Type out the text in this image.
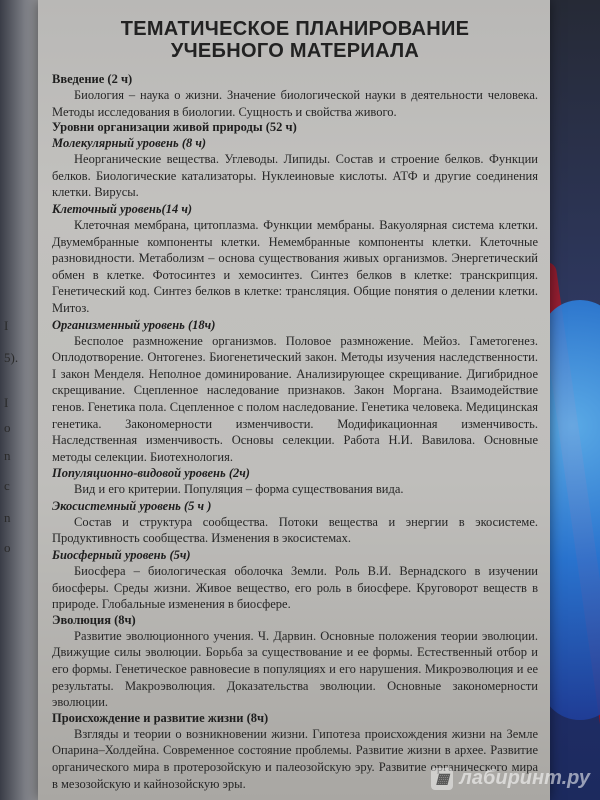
I
5).
I
o
n
c
n
o
ТЕМАТИЧЕСКОЕ ПЛАНИРОВАНИЕ
УЧЕБНОГО МАТЕРИАЛА

Введение (2 ч)

Биология – наука о жизни. Значение биологической науки в деятельности человека. Методы исследования в биологии. Сущность и свойства живого.

Уровни организации живой природы (52 ч)

Молекулярный уровень (8 ч)

Неорганические вещества. Углеводы. Липиды. Состав и строение белков. Функции белков. Биологические катализаторы. Нуклеиновые кислоты. АТФ и другие соединения клетки. Вирусы.

Клеточный уровень(14 ч)

Клеточная мембрана, цитоплазма. Функции мембраны. Вакуолярная система клетки. Двумембранные компоненты клетки. Немембранные компоненты клетки. Клеточные разновидности. Метаболизм – основа существования живых организмов. Энергетический обмен в клетке. Фотосинтез и хемосинтез. Синтез белков в клетке: транскрипция. Генетический код. Синтез белков в клетке: трансляция. Общие понятия о делении клетки. Митоз.

Организменный уровень (18ч)

Бесполое размножение организмов. Половое размножение. Мейоз. Гаметогенез. Оплодотворение. Онтогенез. Биогенетический закон. Методы изучения наследственности. I закон Менделя. Неполное доминирование. Анализирующее скрещивание. Дигибридное скрещивание. Сцепленное наследование признаков. Закон Моргана. Взаимодействие генов. Генетика пола. Сцепленное с полом наследование. Генетика человека. Медицинская генетика. Закономерности изменчивости. Модификационная изменчивость. Наследственная изменчивость. Основы селекции. Работа Н.И. Вавилова. Основные методы селекции. Биотехнология.

Популяционно-видовой уровень (2ч)

Вид и его критерии. Популяция – форма существования вида.

Экосистемный уровень (5 ч )

Состав и структура сообщества. Потоки вещества и энергии в экосистеме. Продуктивность сообщества. Изменения в экосистемах.

Биосферный уровень (5ч)

Биосфера – биологическая оболочка Земли. Роль В.И. Вернадского в изучении биосферы. Среды жизни. Живое вещество, его роль в биосфере. Круговорот веществ в природе. Глобальные изменения в биосфере.

Эволюция (8ч)

Развитие эволюционного учения. Ч. Дарвин. Основные положения теории эволюции. Движущие силы эволюции. Борьба за существование и ее формы. Естественный отбор и его формы. Генетическое равновесие в популяциях и его нарушения. Микроэволюция и ее результаты. Макроэволюция. Доказательства эволюции. Основные закономерности эволюции.

Происхождение и развитие жизни (8ч)

Взгляды и теории о возникновении жизни. Гипотеза происхождения жизни на Земле Опарина–Холдейна. Современное состояние проблемы. Развитие жизни в архее. Развитие органического мира в протерозойскую и палеозойскую эру. Развитие органического мира в мезозойскую и кайнозойскую эры.	▦ лабиринт.ру
